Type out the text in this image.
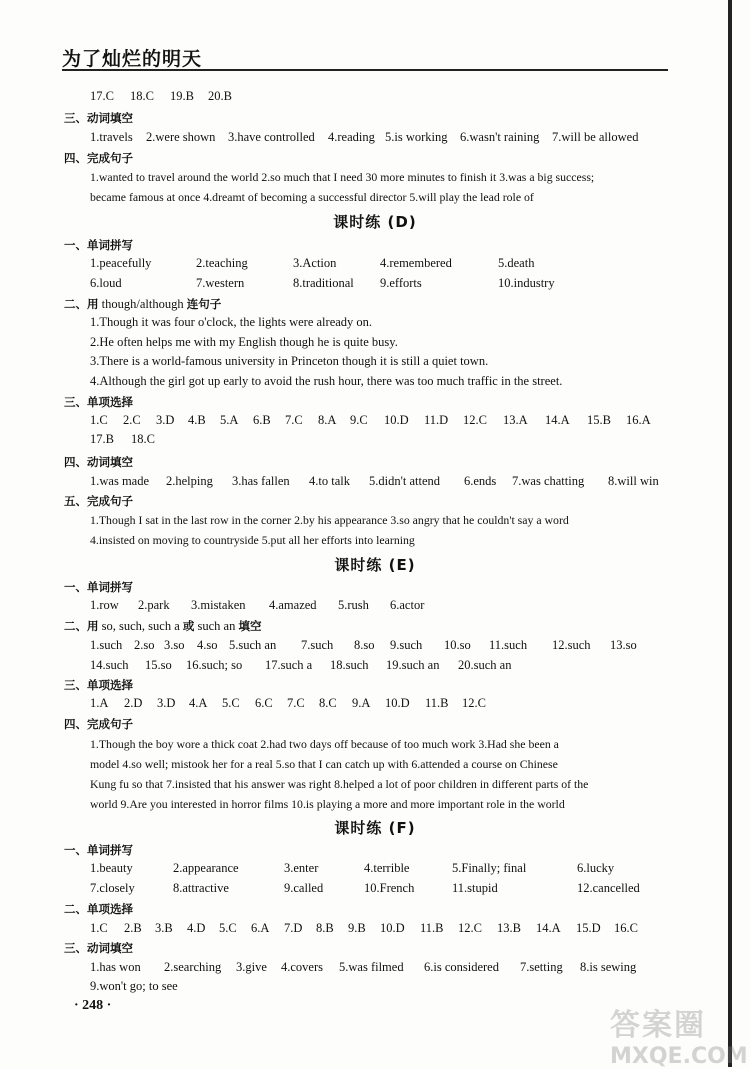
为了灿烂的明天
17.C 18.C 19.B 20.B
三、动词填空
1.travels 2.were shown 3.have controlled 4.reading 5.is working 6.wasn't raining 7.will be allowed
四、完成句子
1.wanted to travel around the world 2.so much that I need 30 more minutes to finish it 3.was a big success;
became famous at once 4.dreamt of becoming a successful director 5.will play the lead role of
课时练 (D)
一、单词拼写
1.peacefully	2.teaching	3.Action	4.remembered	5.death
6.loud	7.western	8.traditional 9.efforts	10.industry
二、用 though/although 连句子
1.Though it was four o'clock, the lights were already on.
2.He often helps me with my English though he is quite busy.
3.There is a world-famous university in Princeton though it is still a quiet town.
4.Although the girl got up early to avoid the rush hour, there was too much traffic in the street.
三、单项选择
1.C 2.C 3.D 4.B 5.A 6.B 7.C 8.A 9.C 10.D 11.D 12.C 13.A 14.A 15.B 16.A
17.B 18.C
四、动词填空
1.was made 2.helping 3.has fallen 4.to talk 5.didn't attend 6.ends 7.was chatting 8.will win
五、完成句子
1.Though I sat in the last row in the corner 2.by his appearance 3.so angry that he couldn't say a word
4.insisted on moving to countryside 5.put all her efforts into learning
课时练 (E)
一、单词拼写
1.row 2.park 3.mistaken 4.amazed 5.rush 6.actor
二、用 so, such, such a 或 such an 填空
1.such 2.so 3.so 4.so 5.such an 7.such 8.so 9.such 10.so 11.such 12.such 13.so
14.such 15.so 16.such; so 17.such a 18.such 19.such an 20.such an
三、单项选择
1.A 2.D 3.D 4.A 5.C 6.C 7.C 8.C 9.A 10.D 11.B 12.C
四、完成句子
1.Though the boy wore a thick coat 2.had two days off because of too much work 3.Had she been a
model 4.so well; mistook her for a real 5.so that I can catch up with 6.attended a course on Chinese
Kung fu so that 7.insisted that his answer was right 8.helped a lot of poor children in different parts of the
world 9.Are you interested in horror films 10.is playing a more and more important role in the world
课时练 (F)
一、单词拼写
1.beauty	2.appearance	3.enter	4.terrible	5.Finally; final	6.lucky
7.closely	8.attractive	9.called	10.French	11.stupid	12.cancelled
二、单项选择
1.C 2.B 3.B 4.D 5.C 6.A 7.D 8.B 9.B 10.D 11.B 12.C 13.B 14.A 15.D 16.C
三、动词填空
1.has won 2.searching 3.give 4.covers 5.was filmed 6.is considered 7.setting 8.is sewing
9.won't go; to see
· 248 ·
答案圈
MXQE.COM
